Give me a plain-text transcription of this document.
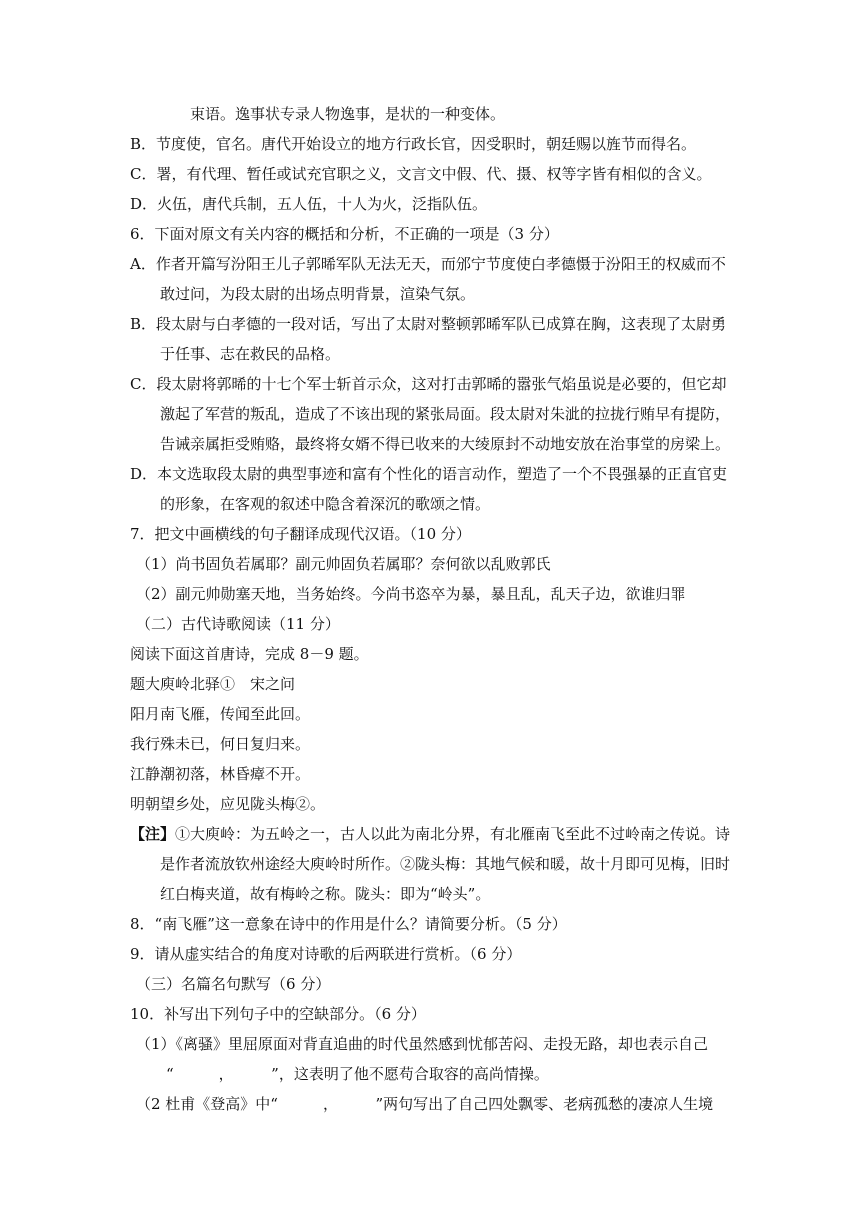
束语。逸事状专录人物逸事，是状的一种变体。
B．节度使，官名。唐代开始设立的地方行政长官，因受职时，朝廷赐以旌节而得名。
C．署，有代理、暂任或试充官职之义，文言文中假、代、摄、权等字皆有相似的含义。
D．火伍，唐代兵制，五人伍，十人为火，泛指队伍。
6．下面对原文有关内容的概括和分析，不正确的一项是（3 分）
A．作者开篇写汾阳王儿子郭晞军队无法无天，而邠宁节度使白孝德慑于汾阳王的权威而不
敢过问，为段太尉的出场点明背景，渲染气氛。
B．段太尉与白孝德的一段对话，写出了太尉对整顿郭晞军队已成算在胸，这表现了太尉勇
于任事、志在救民的品格。
C．段太尉将郭晞的十七个军士斩首示众，这对打击郭晞的嚣张气焰虽说是必要的，但它却
激起了军营的叛乱，造成了不该出现的紧张局面。段太尉对朱泚的拉拢行贿早有提防，
告诫亲属拒受贿赂，最终将女婿不得已收来的大绫原封不动地安放在治事堂的房梁上。
D．本文选取段太尉的典型事迹和富有个性化的语言动作，塑造了一个不畏强暴的正直官吏
的形象，在客观的叙述中隐含着深沉的歌颂之情。
7．把文中画横线的句子翻译成现代汉语。（10 分）
（1）尚书固负若属耶？副元帅固负若属耶？奈何欲以乱败郭氏
（2）副元帅勋塞天地，当务始终。今尚书恣卒为暴，暴且乱，乱天子边，欲谁归罪
（二）古代诗歌阅读（11 分）
阅读下面这首唐诗，完成 8－9 题。
题大庾岭北驿①　宋之问
阳月南飞雁，传闻至此回。
我行殊未已，何日复归来。
江静潮初落，林昏瘴不开。
明朝望乡处，应见陇头梅②。
【注】①大庾岭：为五岭之一，古人以此为南北分界，有北雁南飞至此不过岭南之传说。诗
是作者流放钦州途经大庾岭时所作。②陇头梅：其地气候和暖，故十月即可见梅，旧时
红白梅夹道，故有梅岭之称。陇头：即为“岭头”。
8．“南飞雁”这一意象在诗中的作用是什么？请简要分析。（5 分）
9．请从虚实结合的角度对诗歌的后两联进行赏析。（6 分）
（三）名篇名句默写（6 分）
10．补写出下列句子中的空缺部分。（6 分）
（1）《离骚》里屈原面对背直追曲的时代虽然感到忧郁苦闷、走投无路，却也表示自己
“　　　，　　　”，这表明了他不愿苟合取容的高尚情操。
（2 杜甫《登高》中“　　　，　　　”两句写出了自己四处飘零、老病孤愁的凄凉人生境
